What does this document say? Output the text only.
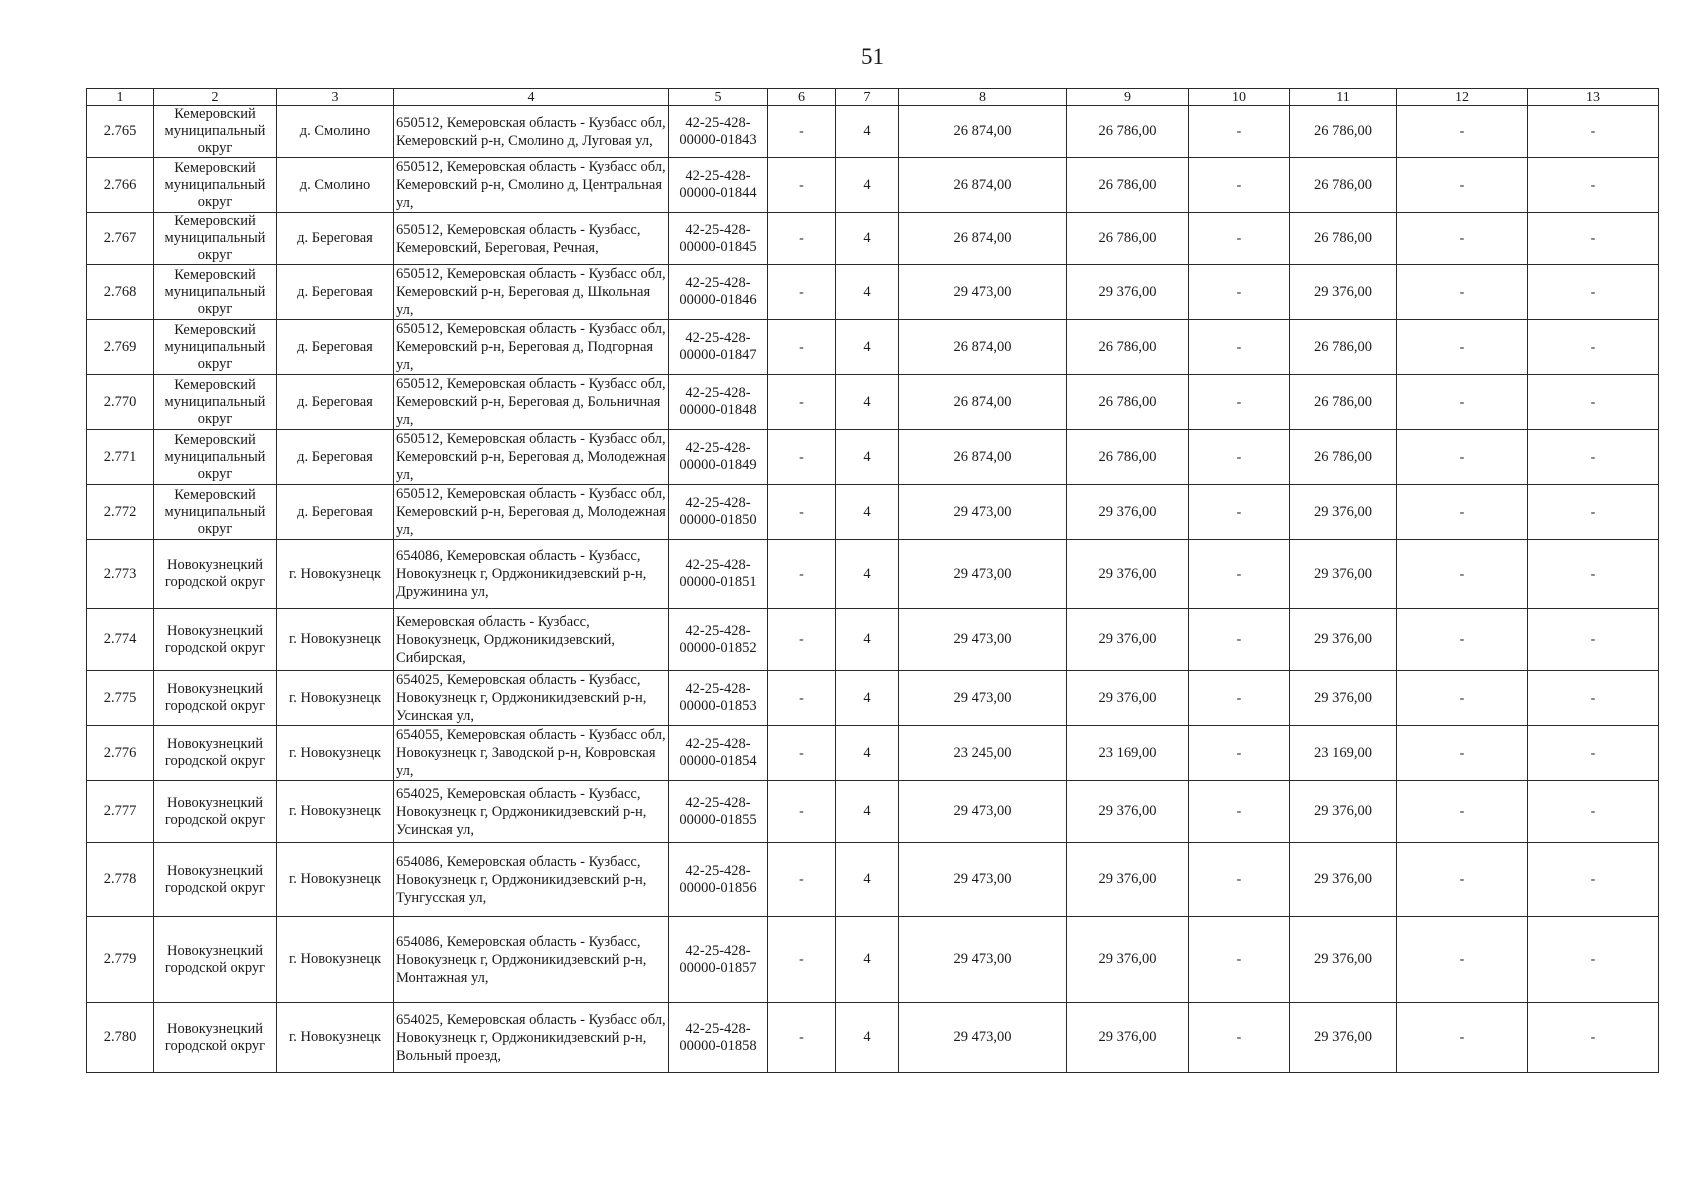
51
1	2	3	4	5	6	7	8	9	10	11	12	13
2.765	Кемеровский муниципальный округ	д. Смолино	650512, Кемеровская область - Кузбасс обл, Кемеровский р-н, Смолино д, Луговая ул,	42-25-428-00000-01843	-	4	26 874,00	26 786,00	-	26 786,00	-	-
2.766	Кемеровский муниципальный округ	д. Смолино	650512, Кемеровская область - Кузбасс обл, Кемеровский р-н, Смолино д, Центральная ул,	42-25-428-00000-01844	-	4	26 874,00	26 786,00	-	26 786,00	-	-
2.767	Кемеровский муниципальный округ	д. Береговая	650512, Кемеровская область - Кузбасс, Кемеровский, Береговая, Речная,	42-25-428-00000-01845	-	4	26 874,00	26 786,00	-	26 786,00	-	-
2.768	Кемеровский муниципальный округ	д. Береговая	650512, Кемеровская область - Кузбасс обл, Кемеровский р-н, Береговая д, Школьная ул,	42-25-428-00000-01846	-	4	29 473,00	29 376,00	-	29 376,00	-	-
2.769	Кемеровский муниципальный округ	д. Береговая	650512, Кемеровская область - Кузбасс обл, Кемеровский р-н, Береговая д, Подгорная ул,	42-25-428-00000-01847	-	4	26 874,00	26 786,00	-	26 786,00	-	-
2.770	Кемеровский муниципальный округ	д. Береговая	650512, Кемеровская область - Кузбасс обл, Кемеровский р-н, Береговая д, Больничная ул,	42-25-428-00000-01848	-	4	26 874,00	26 786,00	-	26 786,00	-	-
2.771	Кемеровский муниципальный округ	д. Береговая	650512, Кемеровская область - Кузбасс обл, Кемеровский р-н, Береговая д, Молодежная ул,	42-25-428-00000-01849	-	4	26 874,00	26 786,00	-	26 786,00	-	-
2.772	Кемеровский муниципальный округ	д. Береговая	650512, Кемеровская область - Кузбасс обл, Кемеровский р-н, Береговая д, Молодежная ул,	42-25-428-00000-01850	-	4	29 473,00	29 376,00	-	29 376,00	-	-
2.773	Новокузнецкий городской округ	г. Новокузнецк	654086, Кемеровская область - Кузбасс, Новокузнецк г, Орджоникидзевский р-н, Дружинина ул,	42-25-428-00000-01851	-	4	29 473,00	29 376,00	-	29 376,00	-	-
2.774	Новокузнецкий городской округ	г. Новокузнецк	Кемеровская область - Кузбасс, Новокузнецк, Орджоникидзевский, Сибирская,	42-25-428-00000-01852	-	4	29 473,00	29 376,00	-	29 376,00	-	-
2.775	Новокузнецкий городской округ	г. Новокузнецк	654025, Кемеровская область - Кузбасс, Новокузнецк г, Орджоникидзевский р-н, Усинская ул,	42-25-428-00000-01853	-	4	29 473,00	29 376,00	-	29 376,00	-	-
2.776	Новокузнецкий городской округ	г. Новокузнецк	654055, Кемеровская область - Кузбасс обл, Новокузнецк г, Заводской р-н, Ковровская ул,	42-25-428-00000-01854	-	4	23 245,00	23 169,00	-	23 169,00	-	-
2.777	Новокузнецкий городской округ	г. Новокузнецк	654025, Кемеровская область - Кузбасс, Новокузнецк г, Орджоникидзевский р-н, Усинская ул,	42-25-428-00000-01855	-	4	29 473,00	29 376,00	-	29 376,00	-	-
2.778	Новокузнецкий городской округ	г. Новокузнецк	654086, Кемеровская область - Кузбасс, Новокузнецк г, Орджоникидзевский р-н, Тунгусская ул,	42-25-428-00000-01856	-	4	29 473,00	29 376,00	-	29 376,00	-	-
2.779	Новокузнецкий городской округ	г. Новокузнецк	654086, Кемеровская область - Кузбасс, Новокузнецк г, Орджоникидзевский р-н, Монтажная ул,	42-25-428-00000-01857	-	4	29 473,00	29 376,00	-	29 376,00	-	-
2.780	Новокузнецкий городской округ	г. Новокузнецк	654025, Кемеровская область - Кузбасс обл, Новокузнецк г, Орджоникидзевский р-н, Вольный проезд,	42-25-428-00000-01858	-	4	29 473,00	29 376,00	-	29 376,00	-	-
